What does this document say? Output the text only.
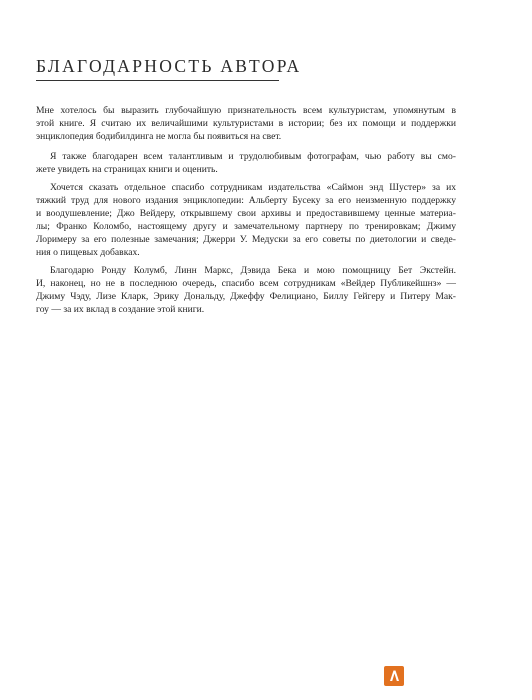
БЛАГОДАРНОСТЬ АВТОРА

Мне хотелось бы выразить глубочайшую признательность всем культуристам, упомянутым в
этой книге. Я считаю их величайшими культуристами в истории; без их помощи и поддержки
энциклопедия бодибилдинга не могла бы появиться на свет.

Я также благодарен всем талантливым и трудолюбивым фотографам, чью работу вы смо-
жете увидеть на страницах книги и оценить.

Хочется сказать отдельное спасибо сотрудникам издательства «Саймон энд Шустер» за их
тяжкий труд для нового издания энциклопедии: Альберту Бусеку за его неизменную поддержку
и воодушевление; Джо Вейдеру, открывшему свои архивы и предоставившему ценные материа-
лы; Франко Коломбо, настоящему другу и замечательному партнеру по тренировкам; Джиму
Лоримеру за его полезные замечания; Джерри У. Медуски за его советы по диетологии и сведе-
ния о пищевых добавках.

Благодарю Ронду Колумб, Линн Маркс, Дэвида Бека и мою помощницу Бет Экстейн.
И, наконец, но не в последнюю очередь, спасибо всем сотрудникам «Вейдер Публикейшнз» —
Джиму Чэду, Лизе Кларк, Эрику Дональду, Джеффу Фелициано, Биллу Гейгеру и Питеру Мак-
гоу — за их вклад в создание этой книги.
